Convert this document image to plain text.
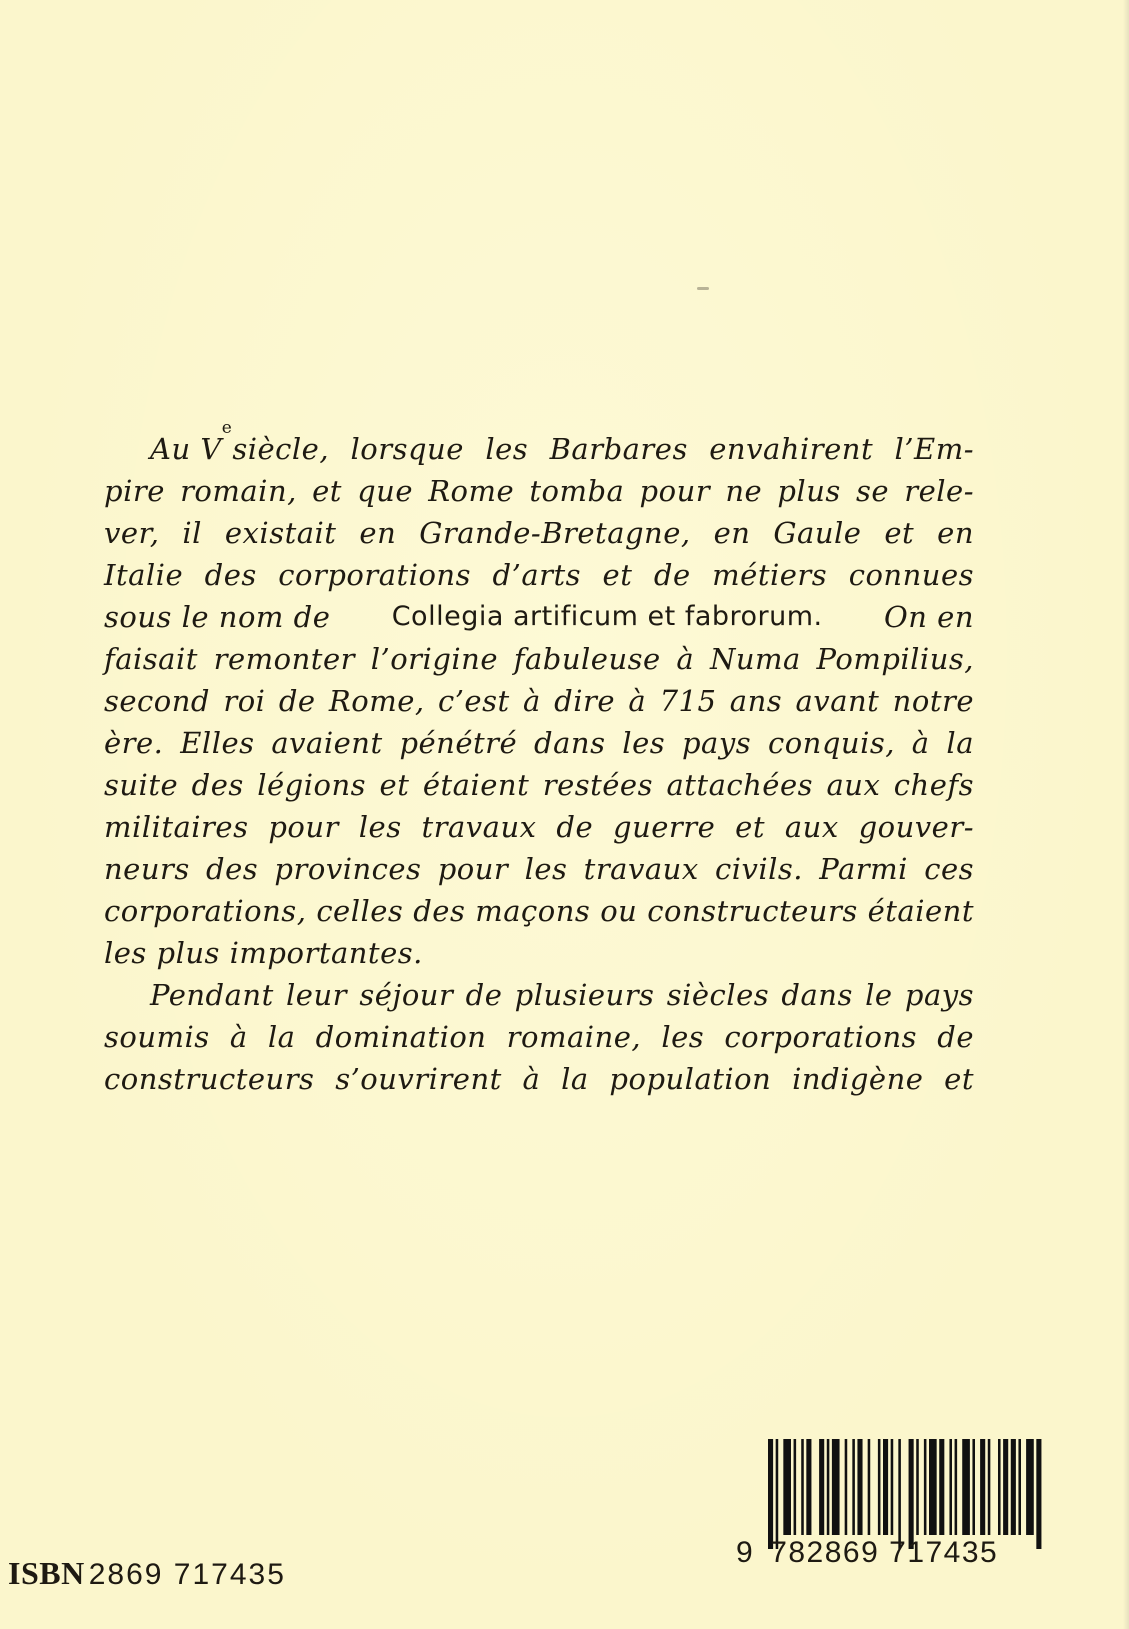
Au V
e
siècle, lorsque les Barbares envahirent l’Em-
pire romain, et que Rome tomba pour ne plus se rele-
ver, il existait en Grande-Bretagne, en Gaule et en
Italie des corporations d’arts et de métiers connues
sous le nom de Collegia artificum et fabrorum. On en
faisait remonter l’origine fabuleuse à Numa Pompilius,
second roi de Rome, c’est à dire à 715 ans avant notre
ère. Elles avaient pénétré dans les pays conquis, à la
suite des légions et étaient restées attachées aux chefs
militaires pour les travaux de guerre et aux gouver-
neurs des provinces pour les travaux civils. Parmi ces
corporations, celles des maçons ou constructeurs étaient
les plus importantes.
Pendant leur séjour de plusieurs siècles dans le pays
soumis à la domination romaine, les corporations de
constructeurs s’ouvrirent à la population indigène et
ISBN 2869 717435
9 782869 717435
